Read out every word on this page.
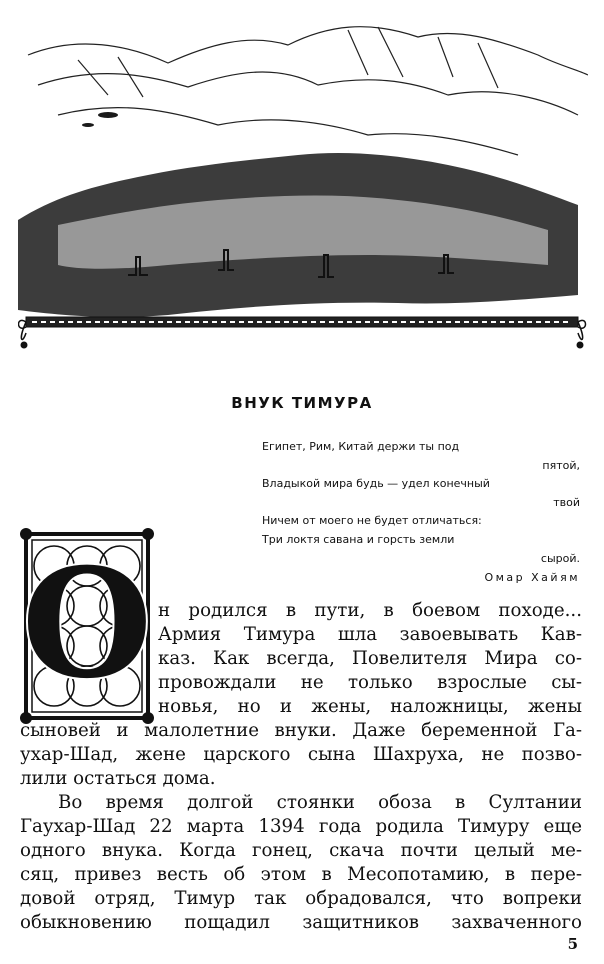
ВНУК ТИМУРА
Египет, Рим, Китай держи ты под
пятой,
Владыкой мира будь — удел конечный
твой
Ничем от моего не будет отличаться:
Три локтя савана и горсть земли
сырой.
Омар Хайям
О н родился в пути, в боевом походе...
Армия Тимура шла завоевывать Кав-
каз. Как всегда, Повелителя Мира со-
провождали не только взрослые сы-
новья, но и жены, наложницы, жены
сыновей и малолетние внуки. Даже беременной Га-
ухар-Шад, жене царского сына Шахруха, не позво-
лили остаться дома.
Во время долгой стоянки обоза в Султании
Гаухар-Шад 22 марта 1394 года родила Тимуру еще
одного внука. Когда гонец, скача почти целый ме-
сяц, привез весть об этом в Месопотамию, в пере-
довой отряд, Тимур так обрадовался, что вопреки
обыкновению пощадил защитников захваченного
5
